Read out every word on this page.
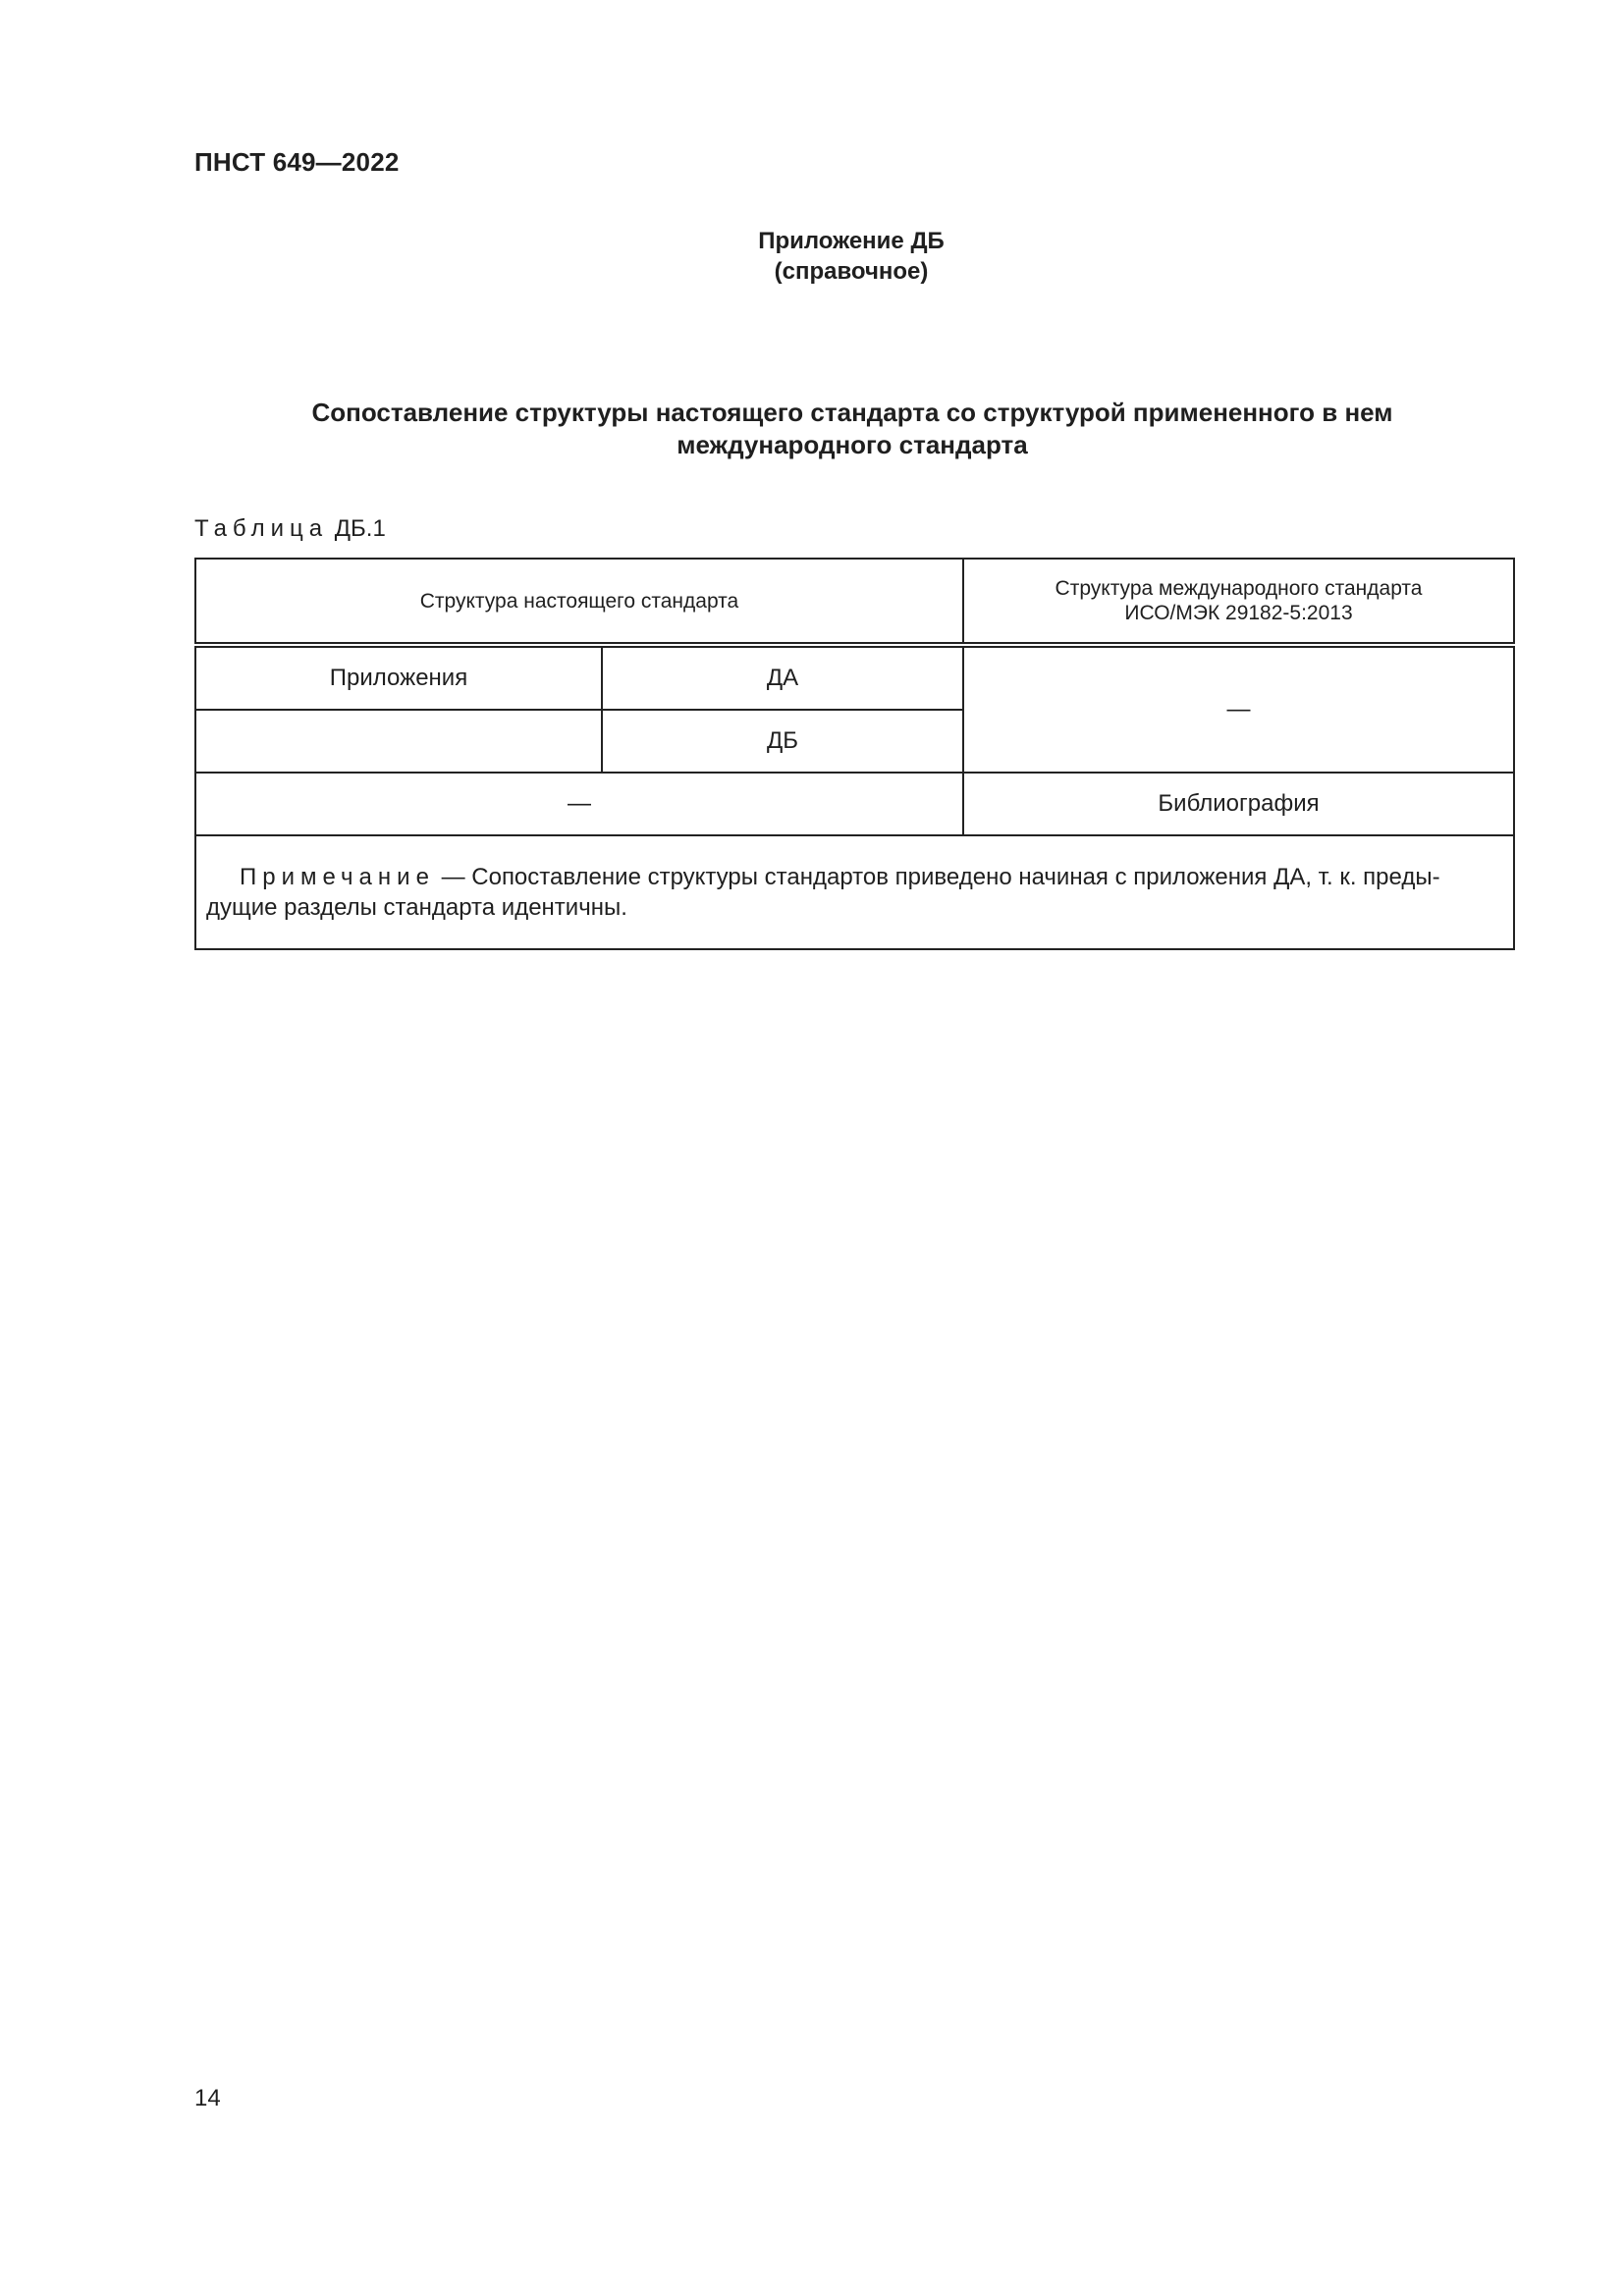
ПНСТ 649—2022
Приложение ДБ
(справочное)
Сопоставление структуры настоящего стандарта со структурой примененного в нем
международного стандарта
Таблица ДБ.1
Структура настоящего стандарта		Структура международного стандарта
ИСО/МЭК 29182-5:2013

Приложения	ДА	—
	ДБ	
—		Библиография

Примечание — Сопоставление структуры стандартов приведено начиная с приложения ДА, т. к. преды-
дущие разделы стандарта идентичны.		
14
